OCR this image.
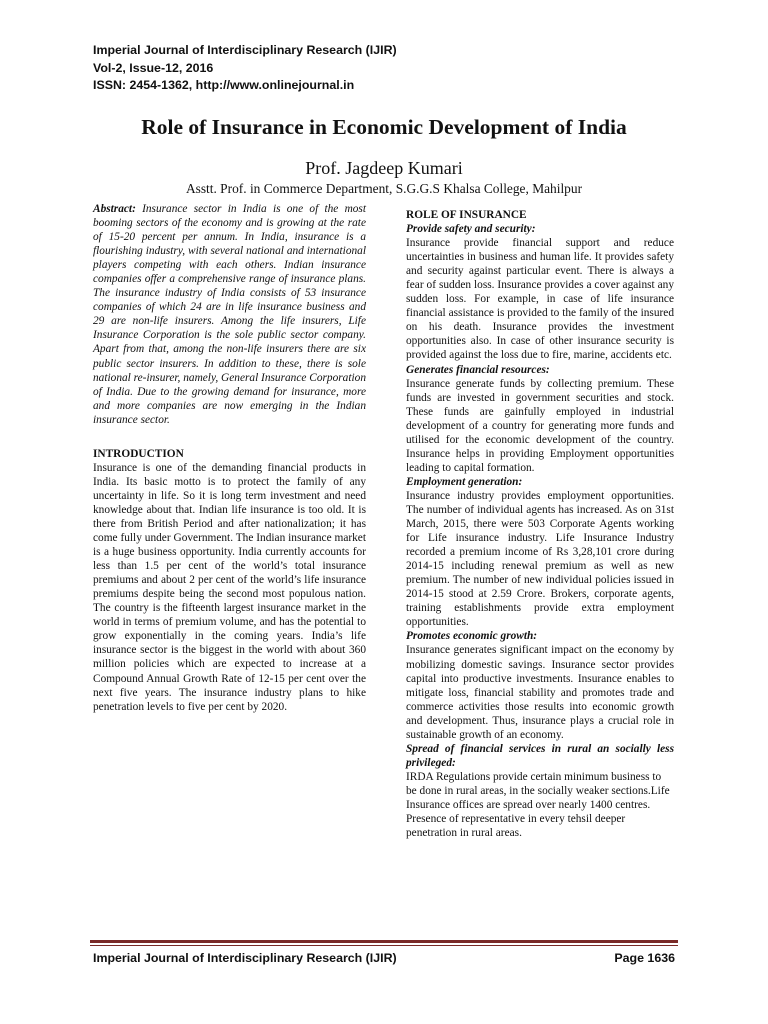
Imperial Journal of Interdisciplinary Research (IJIR)
Vol-2, Issue-12, 2016
ISSN: 2454-1362, http://www.onlinejournal.in
Role of Insurance in Economic Development of India
Prof. Jagdeep Kumari
Asstt. Prof. in Commerce Department, S.G.G.S Khalsa College, Mahilpur

Abstract: Insurance sector in India is one of the most booming sectors of the economy and is growing at the rate of 15-20 percent per annum. In India, insurance is a flourishing industry, with several national and international players competing with each others. Indian insurance companies offer a comprehensive range of insurance plans. The insurance industry of India consists of 53 insurance companies of which 24 are in life insurance business and 29 are non-life insurers. Among the life insurers, Life Insurance Corporation is the sole public sector company. Apart from that, among the non-life insurers there are six public sector insurers. In addition to these, there is sole national re-insurer, namely, General Insurance Corporation of India. Due to the growing demand for insurance, more and more companies are now emerging in the Indian insurance sector.

INTRODUCTION

Insurance is one of the demanding financial products in India. Its basic motto is to protect the family of any uncertainty in life. So it is long term investment and need knowledge about that. Indian life insurance is too old. It is there from British Period and after nationalization; it has come fully under Government. The Indian insurance market is a huge business opportunity. India currently accounts for less than 1.5 per cent of the world’s total insurance premiums and about 2 per cent of the world’s life insurance premiums despite being the second most populous nation. The country is the fifteenth largest insurance market in the world in terms of premium volume, and has the potential to grow exponentially in the coming years. India’s life insurance sector is the biggest in the world with about 360 million policies which are expected to increase at a Compound Annual Growth Rate of 12-15 per cent over the next five years. The insurance industry plans to hike penetration levels to five per cent by 2020.

ROLE OF INSURANCE

Provide safety and security:

Insurance provide financial support and reduce uncertainties in business and human life. It provides safety and security against particular event. There is always a fear of sudden loss. Insurance provides a cover against any sudden loss. For example, in case of life insurance financial assistance is provided to the family of the insured on his death. Insurance provides the investment opportunities also. In case of other insurance security is provided against the loss due to fire, marine, accidents etc.

Generates financial resources:

Insurance generate funds by collecting premium. These funds are invested in government securities and stock. These funds are gainfully employed in industrial development of a country for generating more funds and utilised for the economic development of the country. Insurance helps in providing Employment opportunities leading to capital formation.

Employment generation:

Insurance industry provides employment opportunities. The number of individual agents has increased. As on 31st March, 2015, there were 503 Corporate Agents working for Life insurance industry. Life Insurance Industry recorded a premium income of Rs 3,28,101 crore during 2014-15 including renewal premium as well as new premium. The number of new individual policies issued in 2014-15 stood at 2.59 Crore. Brokers, corporate agents, training establishments provide extra employment opportunities.

Promotes economic growth:

Insurance generates significant impact on the economy by mobilizing domestic savings. Insurance sector provides capital into productive investments. Insurance enables to mitigate loss, financial stability and promotes trade and commerce activities those results into economic growth and development. Thus, insurance plays a crucial role in sustainable growth of an economy.

Spread of financial services in rural an socially less privileged:

IRDA Regulations provide certain minimum business to be done in rural areas, in the socially weaker sections.Life Insurance offices are spread over nearly 1400 centres. Presence of representative in every tehsil deeper penetration in rural areas.

Imperial Journal of Interdisciplinary Research (IJIR)	Page 1636
